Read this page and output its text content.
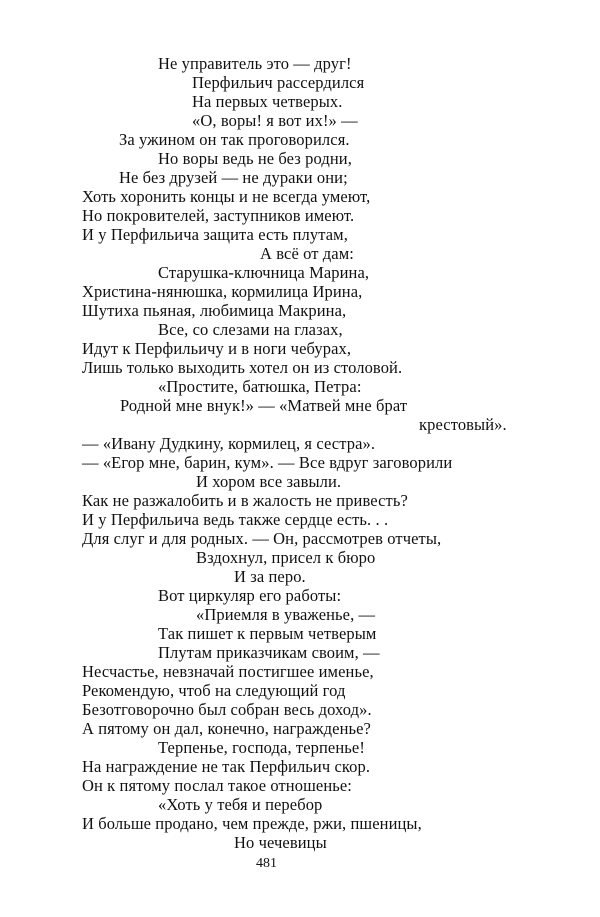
Не управитель это — друг!
Перфильич рассердился
На первых четверых.
«О, воры! я вот их!» —
За ужином он так проговорился.
Но воры ведь не без родни,
Не без друзей — не дураки они;
Хоть хоронить концы и не всегда умеют,
Но покровителей, заступников имеют.
И у Перфильича защита есть плутам,
А всё от дам:
Старушка-ключница Марина,
Христина-нянюшка, кормилица Ирина,
Шутиха пьяная, любимица Макрина,
Все, со слезами на глазах,
Идут к Перфильичу и в ноги чебурах,
Лишь только выходить хотел он из столовой.
«Простите, батюшка, Петра:
Родной мне внук!» — «Матвей мне брат
крестовый».
— «Ивану Дудкину, кормилец, я сестра».
— «Егор мне, барин, кум». — Все вдруг заговорили
И хором все завыли.
Как не разжалобить и в жалость не привесть?
И у Перфильича ведь также сердце есть. . .
Для слуг и для родных. — Он, рассмотрев отчеты,
Вздохнул, присел к бюро
И за перо.
Вот циркуляр его работы:
«Приемля в уваженье, —
Так пишет к первым четверым
Плутам приказчикам своим, —
Несчастье, невзначай постигшее именье,
Рекомендую, чтоб на следующий год
Безотговорочно был собран весь доход».
А пятому он дал, конечно, награжденье?
Терпенье, господа, терпенье!
На награждение не так Перфильич скор.
Он к пятому послал такое отношенье:
«Хоть у тебя и перебор
И больше продано, чем прежде, ржи, пшеницы,
Но чечевицы
481
